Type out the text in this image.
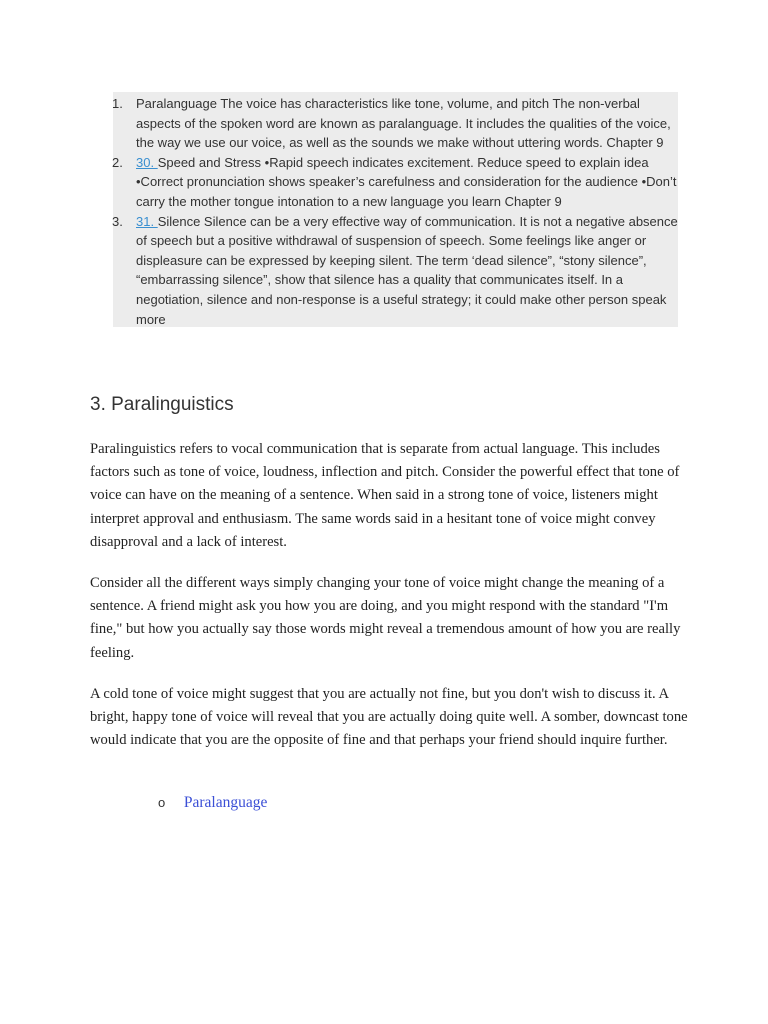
1. Paralanguage The voice has characteristics like tone, volume, and pitch The non-verbal aspects of the spoken word are known as paralanguage. It includes the qualities of the voice, the way we use our voice, as well as the sounds we make without uttering words. Chapter 9
2. 30. Speed and Stress •Rapid speech indicates excitement. Reduce speed to explain idea •Correct pronunciation shows speaker’s carefulness and consideration for the audience •Don’t carry the mother tongue intonation to a new language you learn Chapter 9
3. 31. Silence Silence can be a very effective way of communication. It is not a negative absence of speech but a positive withdrawal of suspension of speech. Some feelings like anger or displeasure can be expressed by keeping silent. The term ‘dead silence”, “stony silence”, “embarrassing silence”, show that silence has a quality that communicates itself. In a negotiation, silence and non-response is a useful strategy; it could make other person speak more
3. Paralinguistics

Paralinguistics refers to vocal communication that is separate from actual language. This includes factors such as tone of voice, loudness, inflection and pitch. Consider the powerful effect that tone of voice can have on the meaning of a sentence. When said in a strong tone of voice, listeners might interpret approval and enthusiasm. The same words said in a hesitant tone of voice might convey disapproval and a lack of interest.

Consider all the different ways simply changing your tone of voice might change the meaning of a sentence. A friend might ask you how you are doing, and you might respond with the standard "I'm fine," but how you actually say those words might reveal a tremendous amount of how you are really feeling.

A cold tone of voice might suggest that you are actually not fine, but you don't wish to discuss it. A bright, happy tone of voice will reveal that you are actually doing quite well. A somber, downcast tone would indicate that you are the opposite of fine and that perhaps your friend should inquire further.

o Paralanguage
